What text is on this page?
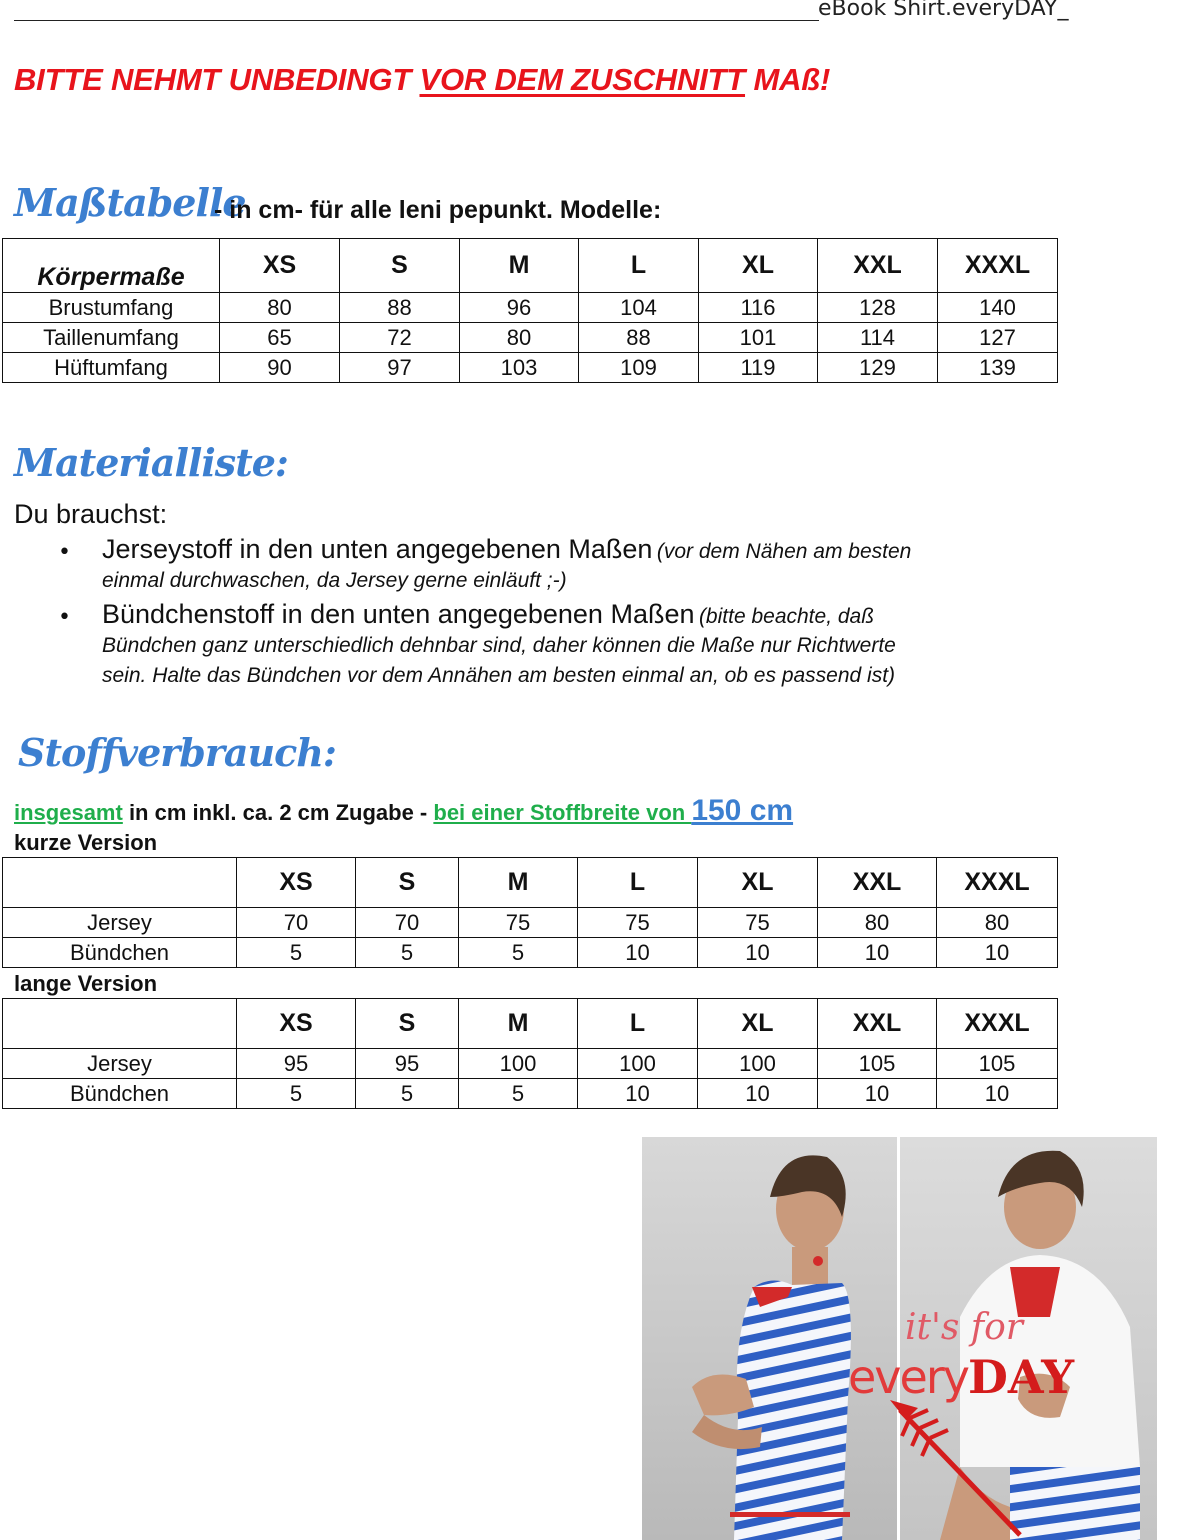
eBook Shirt.everyDAY_
BITTE NEHMT UNBEDINGT VOR DEM ZUSCHNITT MAß!
Maßtabelle
- in cm- für alle leni pepunkt. Modelle:
Körpermaße	XS	S	M	L	XL	XXL	XXXL
Brustumfang	80	88	96	104	116	128	140
Taillenumfang	65	72	80	88	101	114	127
Hüftumfang	90	97	103	109	119	129	139
Materialliste:
Du brauchst:
• Jerseystoff in den unten angegebenen Maßen (vor dem Nähen am besten
einmal durchwaschen, da Jersey gerne einläuft ;-)
• Bündchenstoff in den unten angegebenen Maßen (bitte beachte, daß
Bündchen ganz unterschiedlich dehnbar sind, daher können die Maße nur Richtwerte
sein. Halte das Bündchen vor dem Annähen am besten einmal an, ob es passend ist)
Stoffverbrauch:
insgesamt in cm inkl. ca. 2 cm Zugabe - bei einer Stoffbreite von 150 cm
kurze Version
	XS	S	M	L	XL	XXL	XXXL
Jersey	70	70	75	75	75	80	80
Bündchen	5	5	5	10	10	10	10
lange Version
	XS	S	M	L	XL	XXL	XXXL
Jersey	95	95	100	100	100	105	105
Bündchen	5	5	5	10	10	10	10
it's for
everyDAY
